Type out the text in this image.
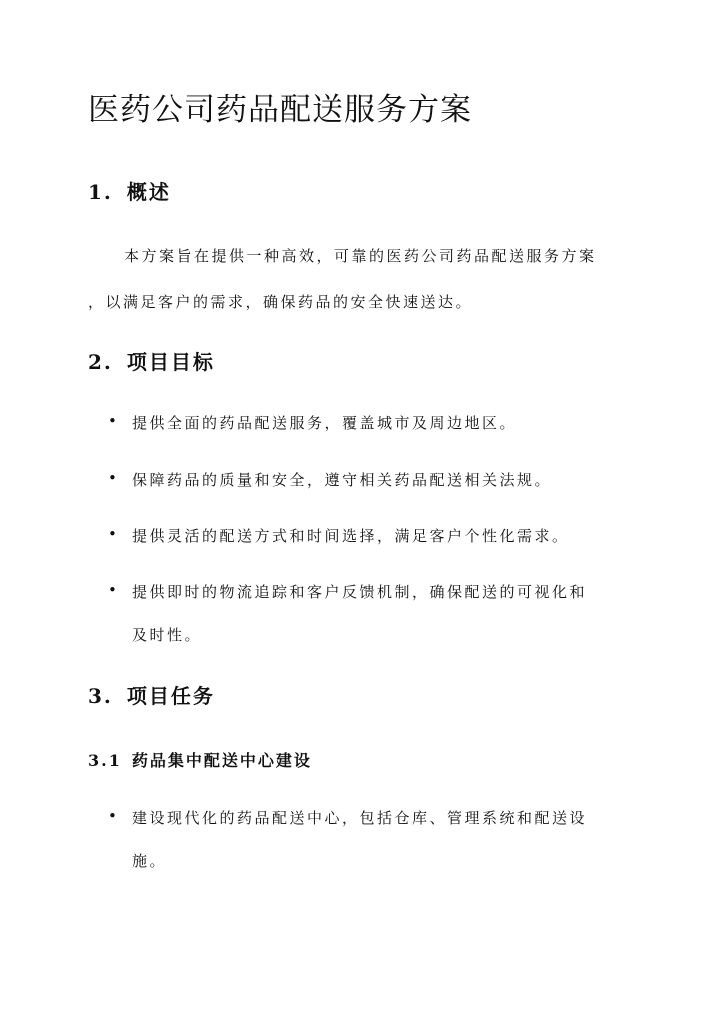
医药公司药品配送服务方案
1. 概述

本方案旨在提供一种高效，可靠的医药公司药品配送服务方案

，以满足客户的需求，确保药品的安全快速送达。

2. 项目目标
• 提供全面的药品配送服务，覆盖城市及周边地区。
• 保障药品的质量和安全，遵守相关药品配送相关法规。
• 提供灵活的配送方式和时间选择，满足客户个性化需求。
• 提供即时的物流追踪和客户反馈机制，确保配送的可视化和
及时性。
3. 项目任务
3.1 药品集中配送中心建设
• 建设现代化的药品配送中心，包括仓库、管理系统和配送设
施。
